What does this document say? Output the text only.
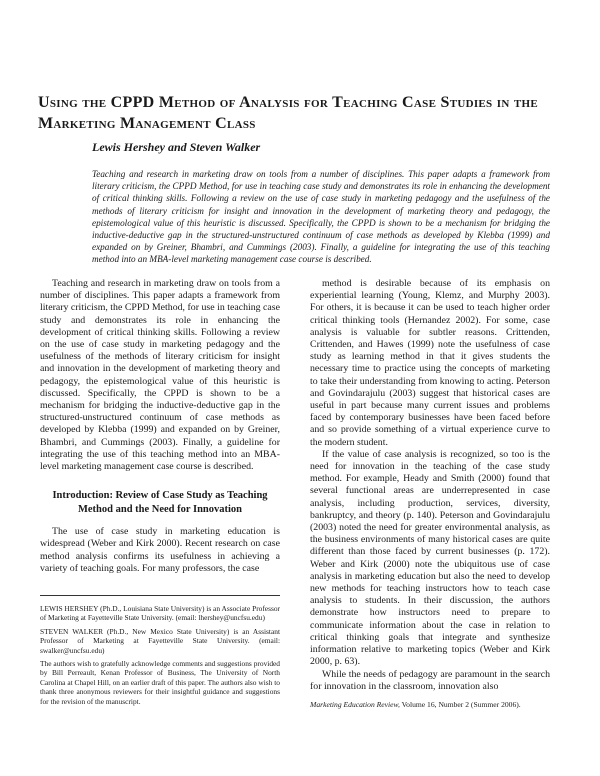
Using the CPPD Method of Analysis for Teaching Case Studies in the Marketing Management Class
Lewis Hershey and Steven Walker

Teaching and research in marketing draw on tools from a number of disciplines. This paper adapts a framework from literary criticism, the CPPD Method, for use in teaching case study and demonstrates its role in enhancing the development of critical thinking skills. Following a review on the use of case study in marketing pedagogy and the usefulness of the methods of literary criticism for insight and innovation in the development of marketing theory and pedagogy, the epistemological value of this heuristic is discussed. Specifically, the CPPD is shown to be a mechanism for bridging the inductive-deductive gap in the structured-unstructured continuum of case methods as developed by Klebba (1999) and expanded on by Greiner, Bhambri, and Cummings (2003). Finally, a guideline for integrating the use of this teaching method into an MBA-level marketing management case course is described.

Teaching and research in marketing draw on tools from a number of disciplines. This paper adapts a framework from literary criticism, the CPPD Method, for use in teaching case study and demonstrates its role in enhancing the development of critical thinking skills. Following a review on the use of case study in marketing pedagogy and the usefulness of the methods of literary criticism for insight and innovation in the development of marketing theory and pedagogy, the epistemological value of this heuristic is discussed. Specifically, the CPPD is shown to be a mechanism for bridging the inductive-deductive gap in the structured-unstructured continuum of case methods as developed by Klebba (1999) and expanded on by Greiner, Bhambri, and Cummings (2003). Finally, a guideline for integrating the use of this teaching method into an MBA-level marketing management case course is described.

Introduction: Review of Case Study as Teaching Method and the Need for Innovation

The use of case study in marketing education is widespread (Weber and Kirk 2000). Recent research on case method analysis confirms its usefulness in achieving a variety of teaching goals. For many professors, the case

LEWIS HERSHEY (Ph.D., Louisiana State University) is an Associate Professor of Marketing at Fayetteville State University. (email: lhershey@uncfsu.edu)

STEVEN WALKER (Ph.D., New Mexico State University) is an Assistant Professor of Marketing at Fayetteville State University. (email: swalker@uncfsu.edu)

The authors wish to gratefully acknowledge comments and suggestions provided by Bill Perreault, Kenan Professor of Business, The University of North Carolina at Chapel Hill, on an earlier draft of this paper. The authors also wish to thank three anonymous reviewers for their insightful guidance and suggestions for the revision of the manuscript.

method is desirable because of its emphasis on experiential learning (Young, Klemz, and Murphy 2003). For others, it is because it can be used to teach higher order critical thinking tools (Hernandez 2002). For some, case analysis is valuable for subtler reasons. Crittenden, Crittenden, and Hawes (1999) note the usefulness of case study as learning method in that it gives students the necessary time to practice using the concepts of marketing to take their understanding from knowing to acting. Peterson and Govindarajulu (2003) suggest that historical cases are useful in part because many current issues and problems faced by contemporary businesses have been faced before and so provide something of a virtual experience curve to the modern student.

If the value of case analysis is recognized, so too is the need for innovation in the teaching of the case study method. For example, Heady and Smith (2000) found that several functional areas are underrepresented in case analysis, including production, services, diversity, bankruptcy, and theory (p. 140). Peterson and Govindarajulu (2003) noted the need for greater environmental analysis, as the business environments of many historical cases are quite different than those faced by current businesses (p. 172). Weber and Kirk (2000) note the ubiquitous use of case analysis in marketing education but also the need to develop new methods for teaching instructors how to teach case analysis to students. In their discussion, the authors demonstrate how instructors need to prepare to communicate information about the case in relation to critical thinking goals that integrate and synthesize information relative to marketing topics (Weber and Kirk 2000, p. 63).

While the needs of pedagogy are paramount in the search for innovation in the classroom, innovation also

Marketing Education Review, Volume 16, Number 2 (Summer 2006).
